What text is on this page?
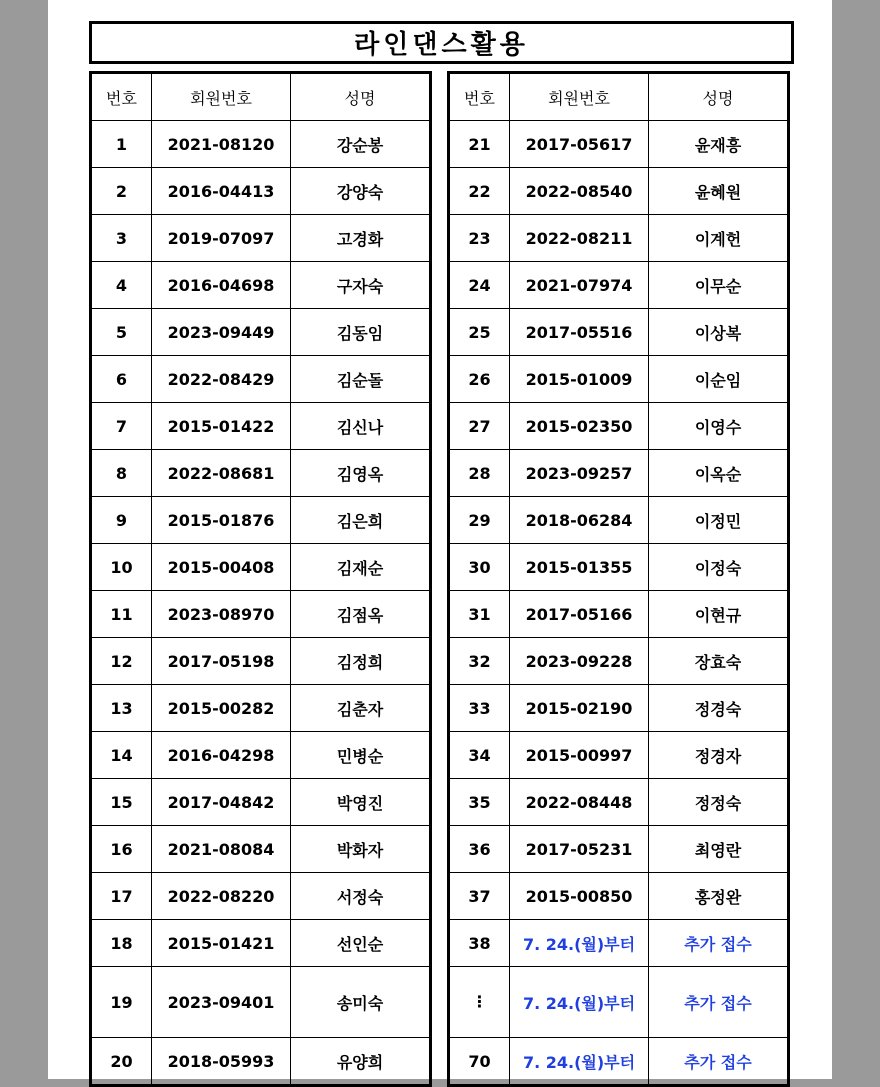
라인댄스활용
번호	회원번호	성명
1	2021-08120	강순봉
2	2016-04413	강양숙
3	2019-07097	고경화
4	2016-04698	구자숙
5	2023-09449	김동임
6	2022-08429	김순돌
7	2015-01422	김신나
8	2022-08681	김영옥
9	2015-01876	김은희
10	2015-00408	김재순
11	2023-08970	김점옥
12	2017-05198	김정희
13	2015-00282	김춘자
14	2016-04298	민병순
15	2017-04842	박영진
16	2021-08084	박화자
17	2022-08220	서정숙
18	2015-01421	선인순
19	2023-09401	송미숙
20	2018-05993	유양희
번호	회원번호	성명
21	2017-05617	윤재흥
22	2022-08540	윤혜원
23	2022-08211	이계헌
24	2021-07974	이무순
25	2017-05516	이상복
26	2015-01009	이순임
27	2015-02350	이영수
28	2023-09257	이옥순
29	2018-06284	이정민
30	2015-01355	이정숙
31	2017-05166	이현규
32	2023-09228	장효숙
33	2015-02190	정경숙
34	2015-00997	정경자
35	2022-08448	정정숙
36	2017-05231	최영란
37	2015-00850	홍정완
38	7. 24.(월)부터	추가 접수
⋮	7. 24.(월)부터	추가 접수
70	7. 24.(월)부터	추가 접수
